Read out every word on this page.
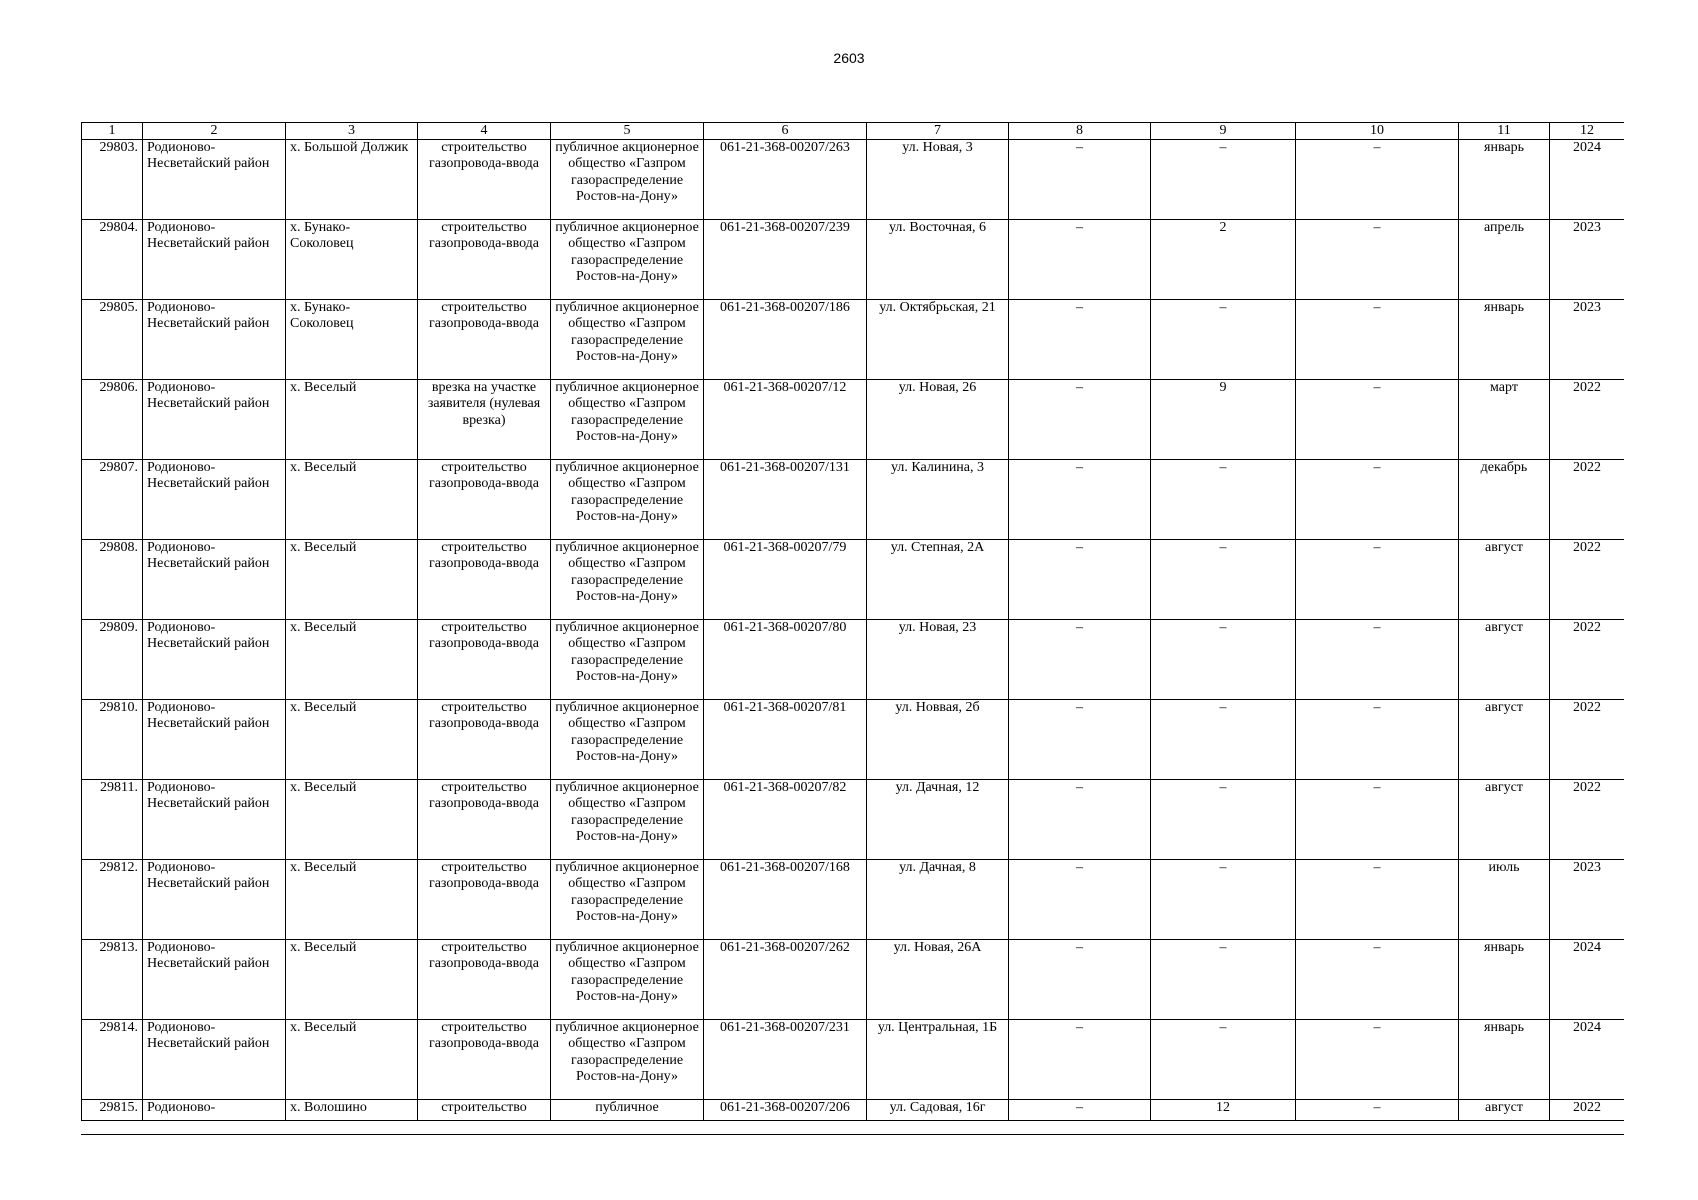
2603
1	2	3	4	5	6	7	8	9	10	11	12
29803.	Родионово-Несветайский район	х. Большой Должик	строительство газопровода-ввода	публичное акционерное общество «Газпром газораспределение Ростов-на-Дону»	061-21-368-00207/263	ул. Новая, 3	–	–	–	январь	2024
29804.	Родионово-Несветайский район	х. Бунако-Соколовец	строительство газопровода-ввода	публичное акционерное общество «Газпром газораспределение Ростов-на-Дону»	061-21-368-00207/239	ул. Восточная, 6	–	2	–	апрель	2023
29805.	Родионово-Несветайский район	х. Бунако-Соколовец	строительство газопровода-ввода	публичное акционерное общество «Газпром газораспределение Ростов-на-Дону»	061-21-368-00207/186	ул. Октябрьская, 21	–	–	–	январь	2023
29806.	Родионово-Несветайский район	х. Веселый	врезка на участке заявителя (нулевая врезка)	публичное акционерное общество «Газпром газораспределение Ростов-на-Дону»	061-21-368-00207/12	ул. Новая, 26	–	9	–	март	2022
29807.	Родионово-Несветайский район	х. Веселый	строительство газопровода-ввода	публичное акционерное общество «Газпром газораспределение Ростов-на-Дону»	061-21-368-00207/131	ул. Калинина, 3	–	–	–	декабрь	2022
29808.	Родионово-Несветайский район	х. Веселый	строительство газопровода-ввода	публичное акционерное общество «Газпром газораспределение Ростов-на-Дону»	061-21-368-00207/79	ул. Степная, 2А	–	–	–	август	2022
29809.	Родионово-Несветайский район	х. Веселый	строительство газопровода-ввода	публичное акционерное общество «Газпром газораспределение Ростов-на-Дону»	061-21-368-00207/80	ул. Новая, 23	–	–	–	август	2022
29810.	Родионово-Несветайский район	х. Веселый	строительство газопровода-ввода	публичное акционерное общество «Газпром газораспределение Ростов-на-Дону»	061-21-368-00207/81	ул. Новвая, 2б	–	–	–	август	2022
29811.	Родионово-Несветайский район	х. Веселый	строительство газопровода-ввода	публичное акционерное общество «Газпром газораспределение Ростов-на-Дону»	061-21-368-00207/82	ул. Дачная, 12	–	–	–	август	2022
29812.	Родионово-Несветайский район	х. Веселый	строительство газопровода-ввода	публичное акционерное общество «Газпром газораспределение Ростов-на-Дону»	061-21-368-00207/168	ул. Дачная, 8	–	–	–	июль	2023
29813.	Родионово-Несветайский район	х. Веселый	строительство газопровода-ввода	публичное акционерное общество «Газпром газораспределение Ростов-на-Дону»	061-21-368-00207/262	ул. Новая, 26А	–	–	–	январь	2024
29814.	Родионово-Несветайский район	х. Веселый	строительство газопровода-ввода	публичное акционерное общество «Газпром газораспределение Ростов-на-Дону»	061-21-368-00207/231	ул. Центральная, 1Б	–	–	–	январь	2024
29815.	Родионово-	х. Волошино	строительство	публичное	061-21-368-00207/206	ул. Садовая, 16г	–	12	–	август	2022
